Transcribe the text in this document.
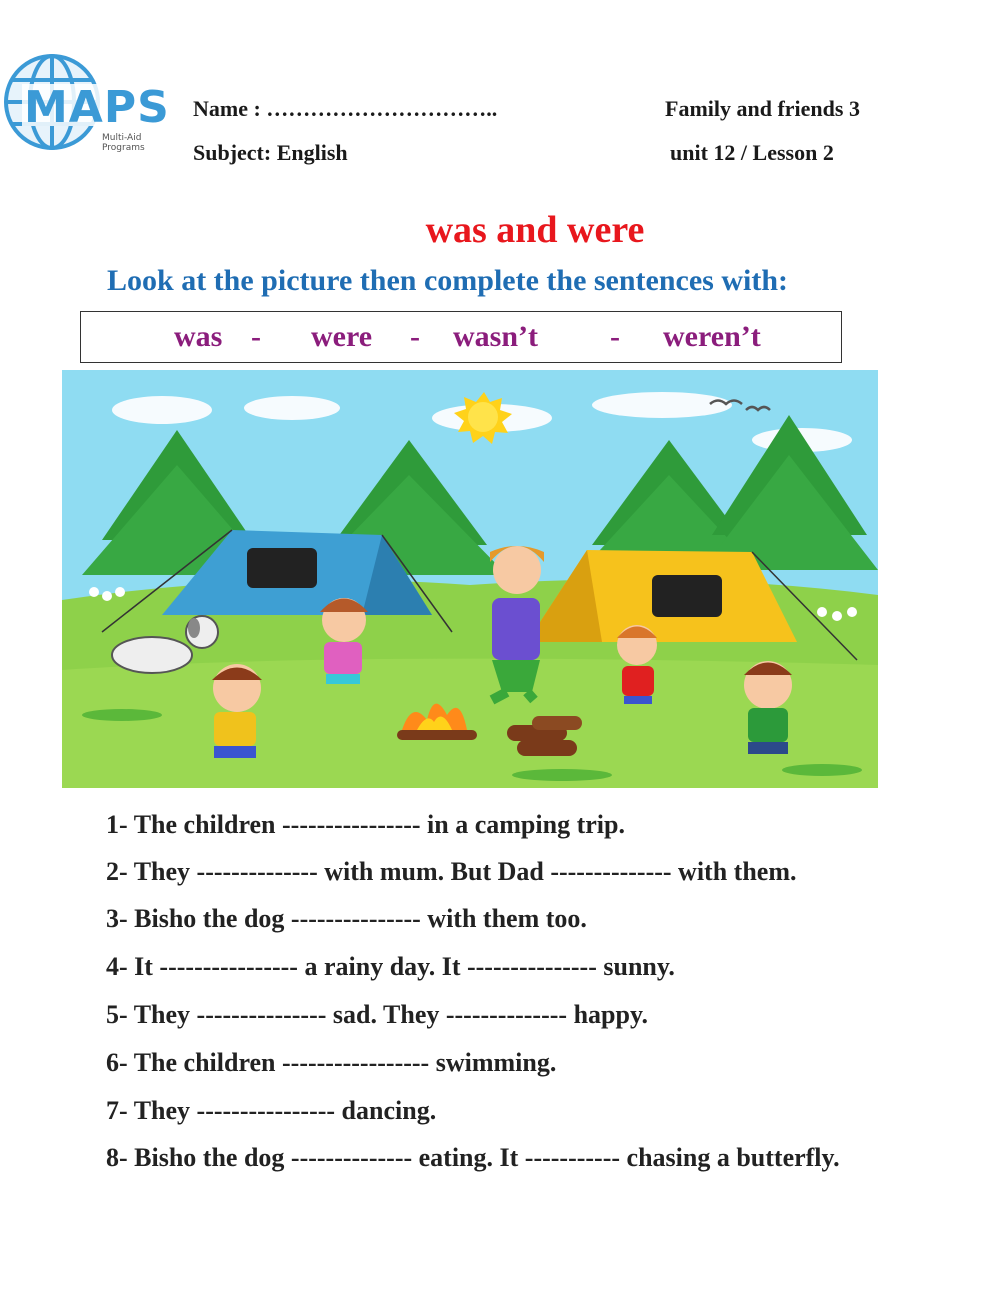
MAPS
Multi-Aid
Programs
Name : …………………………..	Family and friends 3
Subject: English	unit 12 / Lesson 2
was and were
Look at the picture then complete the sentences with:
was - were - wasn’t - weren’t
1- The children ---------------- in a camping trip.
2- They -------------- with mum. But Dad -------------- with them.
3- Bisho the dog --------------- with them too.
4- It ---------------- a rainy day. It --------------- sunny.
5- They --------------- sad. They -------------- happy.
6- The children ----------------- swimming.
7- They ---------------- dancing.
8- Bisho the dog -------------- eating. It ----------- chasing a butterfly.
